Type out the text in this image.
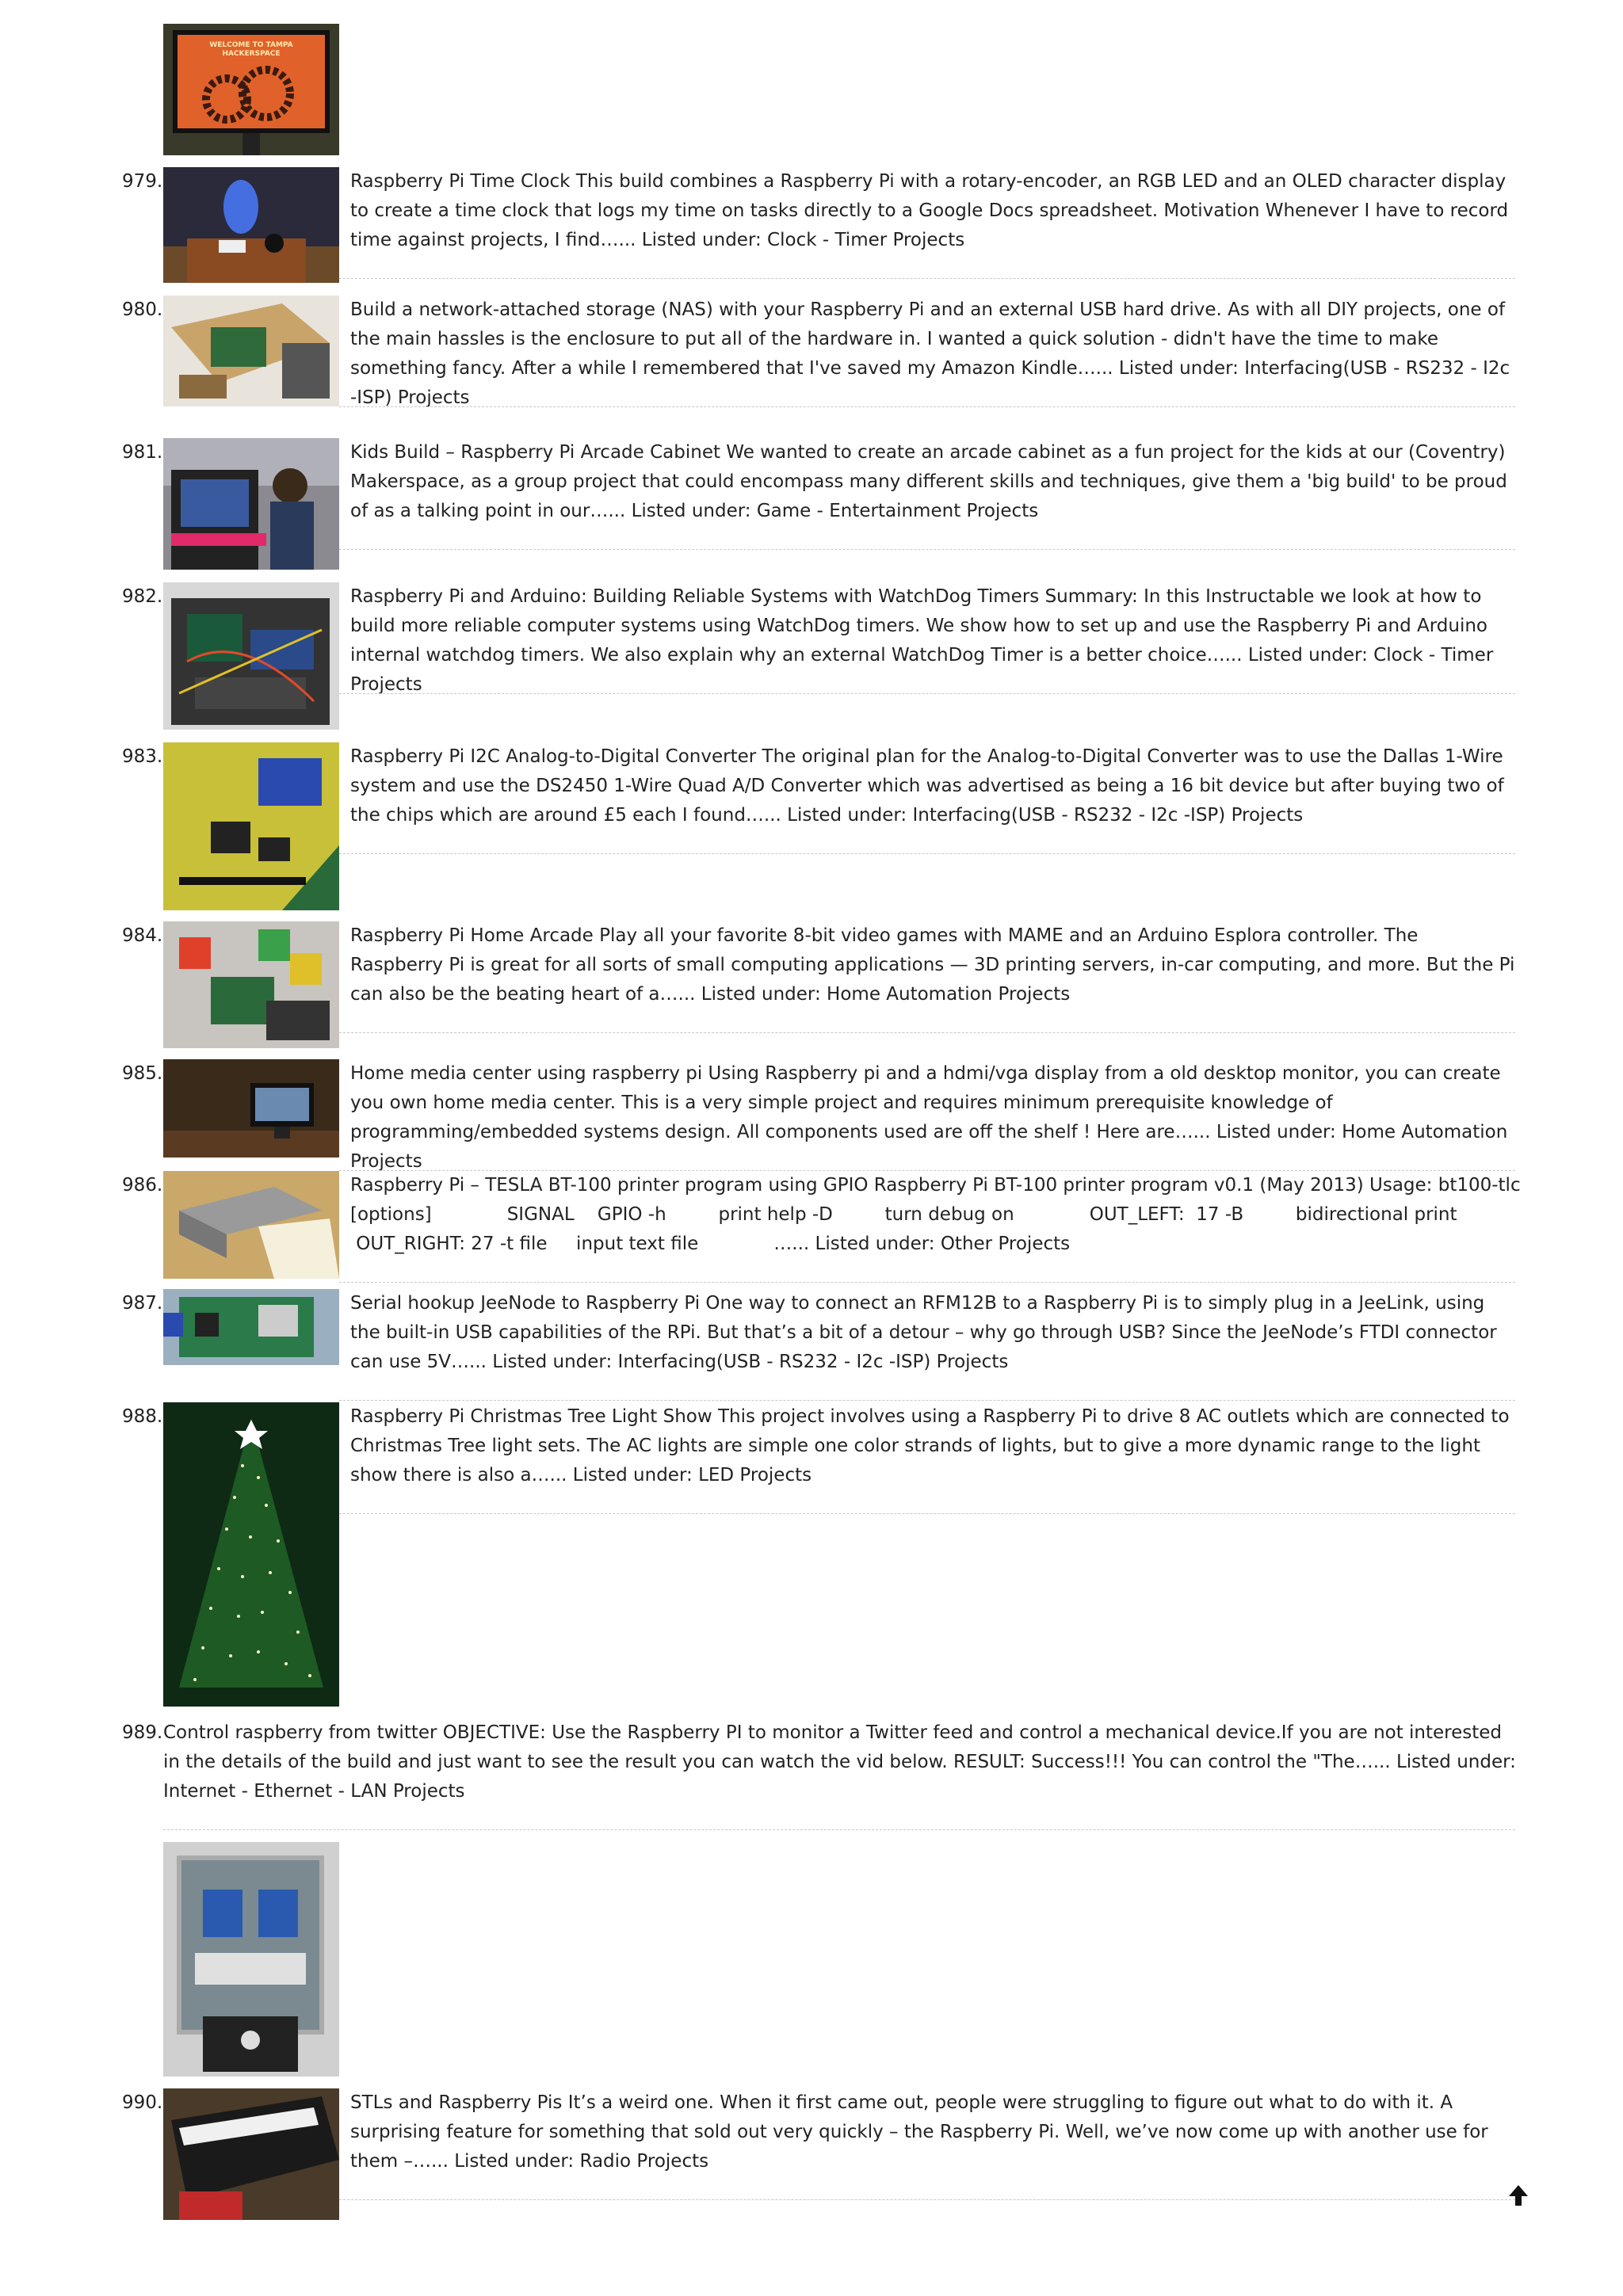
WELCOME TO TAMPA HACKERSPACE
979.	Raspberry Pi Time Clock This build combines a Raspberry Pi with a rotary-encoder, an RGB LED and an OLED character display to create a time clock that logs my time on tasks directly to a Google Docs spreadsheet. Motivation Whenever I have to record time against projects, I find…... Listed under: Clock - Timer Projects
980.	Build a network-attached storage (NAS) with your Raspberry Pi and an external USB hard drive. As with all DIY projects, one of the main hassles is the enclosure to put all of the hardware in. I wanted a quick solution - didn't have the time to make something fancy. After a while I remembered that I've saved my Amazon Kindle…... Listed under: Interfacing(USB - RS232 - I2c -ISP) Projects
981.	Kids Build – Raspberry Pi Arcade Cabinet We wanted to create an arcade cabinet as a fun project for the kids at our (Coventry) Makerspace, as a group project that could encompass many different skills and techniques, give them a 'big build' to be proud of as a talking point in our…... Listed under: Game - Entertainment Projects
982.	Raspberry Pi and Arduino: Building Reliable Systems with WatchDog Timers Summary: In this Instructable we look at how to build more reliable computer systems using WatchDog timers. We show how to set up and use the Raspberry Pi and Arduino internal watchdog timers. We also explain why an external WatchDog Timer is a better choice…... Listed under: Clock - Timer Projects
983.	Raspberry Pi I2C Analog-to-Digital Converter The original plan for the Analog-to-Digital Converter was to use the Dallas 1-Wire system and use the DS2450 1-Wire Quad A/D Converter which was advertised as being a 16 bit device but after buying two of the chips which are around £5 each I found…... Listed under: Interfacing(USB - RS232 - I2c -ISP) Projects
984.	Raspberry Pi Home Arcade Play all your favorite 8-bit video games with MAME and an Arduino Esplora controller. The Raspberry Pi is great for all sorts of small computing applications — 3D printing servers, in-car computing, and more. But the Pi can also be the beating heart of a…... Listed under: Home Automation Projects
985.	Home media center using raspberry pi Using Raspberry pi and a hdmi/vga display from a old desktop monitor, you can create you own home media center. This is a very simple project and requires minimum prerequisite knowledge of programming/embedded systems design. All components used are off the shelf ! Here are…... Listed under: Home Automation Projects
986.	Raspberry Pi – TESLA BT-100 printer program using GPIO Raspberry Pi BT-100 printer program v0.1 (May 2013) Usage: bt100-tlc
[options]             SIGNAL    GPIO -h         print help -D         turn debug on             OUT_LEFT:  17 -B         bidirectional print
OUT_RIGHT: 27 -t file     input text file             …... Listed under: Other Projects
987.	Serial hookup JeeNode to Raspberry Pi One way to connect an RFM12B to a Raspberry Pi is to simply plug in a JeeLink, using the built-in USB capabilities of the RPi. But that’s a bit of a detour – why go through USB? Since the JeeNode’s FTDI connector can use 5V…... Listed under: Interfacing(USB - RS232 - I2c -ISP) Projects
988.	Raspberry Pi Christmas Tree Light Show This project involves using a Raspberry Pi to drive 8 AC outlets which are connected to Christmas Tree light sets. The AC lights are simple one color strands of lights, but to give a more dynamic range to the light show there is also a…... Listed under: LED Projects
989. Control raspberry from twitter OBJECTIVE: Use the Raspberry PI to monitor a Twitter feed and control a mechanical device.If you are not interested in the details of the build and just want to see the result you can watch the vid below. RESULT: Success!!! You can control the "The…... Listed under: Internet - Ethernet - LAN Projects
990.	STLs and Raspberry Pis It’s a weird one. When it first came out, people were struggling to figure out what to do with it. A surprising feature for something that sold out very quickly – the Raspberry Pi. Well, we’ve now come up with another use for them –…... Listed under: Radio Projects
